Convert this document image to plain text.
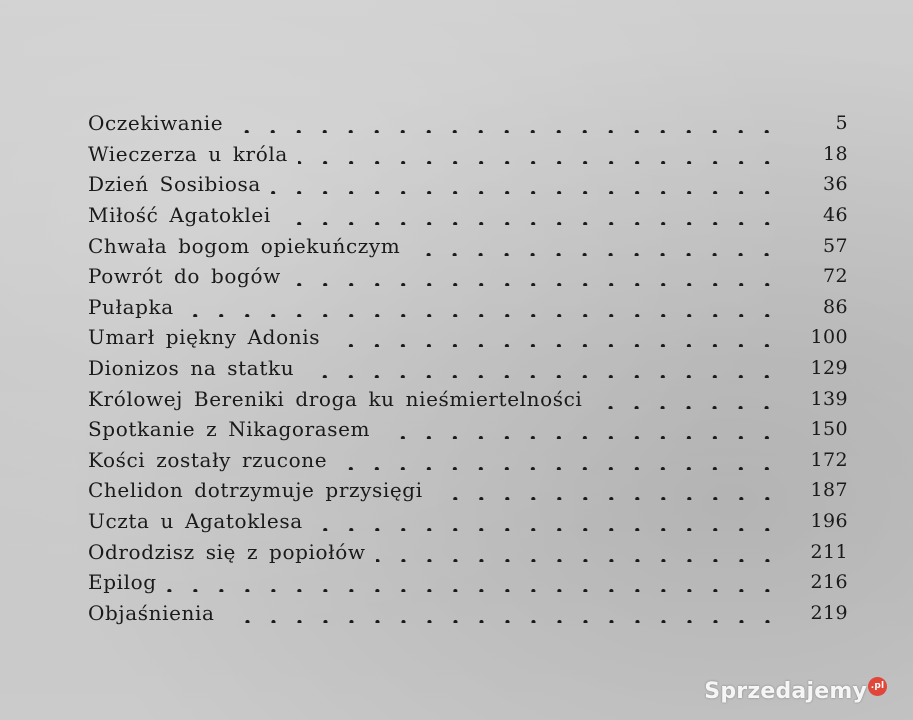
Oczekiwanie	5
Wieczerza u króla	18
Dzień Sosibiosa	36
Miłość Agatoklei	46
Chwała bogom opiekuńczym	57
Powrót do bogów	72
Pułapka	86
Umarł piękny Adonis	100
Dionizos na statku	129
Królowej Bereniki droga ku nieśmiertelności	139
Spotkanie z Nikagorasem	150
Kości zostały rzucone	172
Chelidon dotrzymuje przysięgi	187
Uczta u Agatoklesa	196
Odrodzisz się z popiołów	211
Epilog	216
Objaśnienia	219
Sprzedajemy .pl
